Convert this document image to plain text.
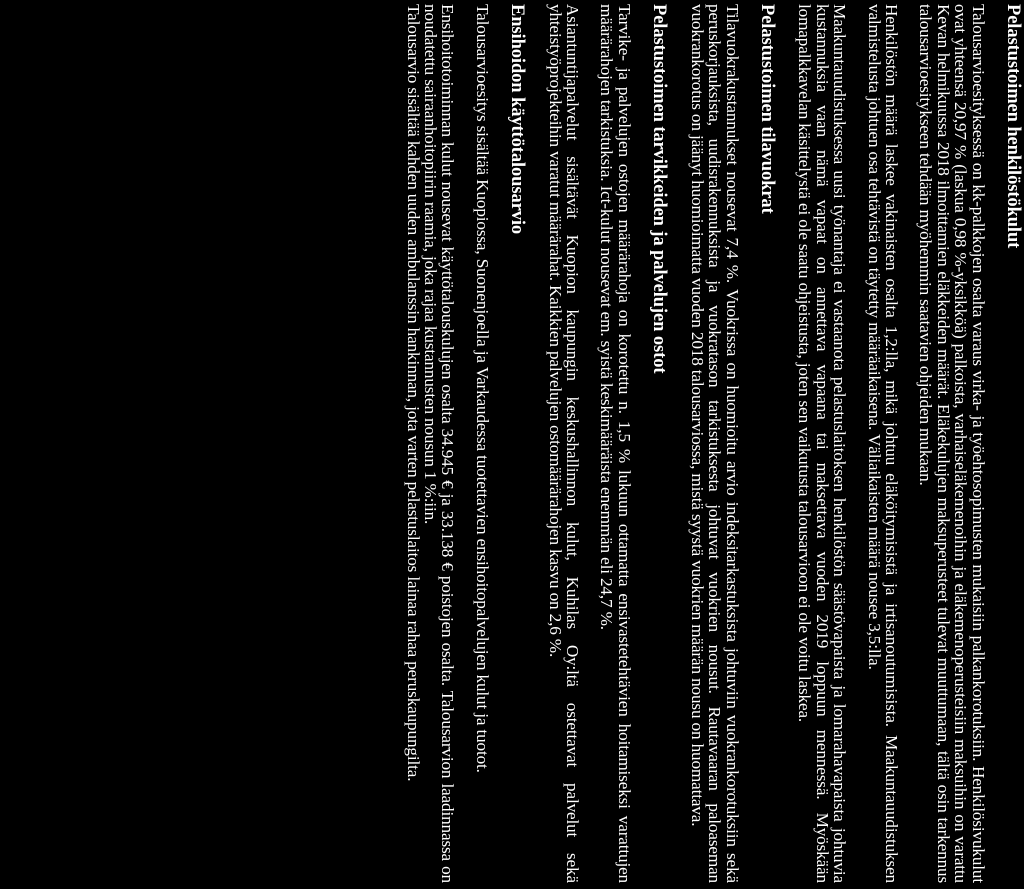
Pelastustoimen henkilöstökulut

Talousarvioesityksessä on kk-palkkojen osalta varaus virka- ja työehtosopimusten mukaisiin palkankorotuksiin. Henkilösivukulut ovat yhteensä 20,97 % (laskua 0,98 %-yksikköä) palkoista, varhaiseläkemenoihin ja eläkemenoperusteisiin maksuihin on varattu Kevan helmikuussa 2018 ilmoittamien eläkkeiden määrät. Eläkekulujen maksuperusteet tulevat muuttumaan, tältä osin tarkennus talousarvioesitykseen tehdään myöhemmin saatavien ohjeiden mukaan.

Henkilöstön määrä laskee vakinaisten osalta 1,2:lla, mikä johtuu eläköitymisistä ja irtisanoutumisista. Maakuntauudistuksen valmistelusta johtuen osa tehtävistä on täytetty määräaikaisena. Väliaikaisten määrä nousee 3,5:lla.

Maakuntauudistuksessa uusi työnantaja ei vastaanota pelastuslaitoksen henkilöstön säästövapaista ja lomarahavapaista johtuvia kustannuksia vaan nämä vapaat on annettava vapaana tai maksettava vuoden 2019 loppuun mennessä. Myöskään lomapalkkavelan käsittelystä ei ole saatu ohjeistusta, joten sen vaikutusta talousarvioon ei ole voitu laskea.

Pelastustoimen tilavuokrat

Tilavuokrakustannukset nousevat 7,4 %. Vuokrissa on huomioitu arvio indeksitarkastuksista johtuviin vuokrankorotuksiin sekä peruskorjauksista, uudisrakennuksista ja vuokratason tarkistuksesta johtuvat vuokrien nousut. Rautavaaran paloaseman vuokrankorotus on jäänyt huomioimatta vuoden 2018 talousarviossa, mistä syystä vuokrien määrän nousu on huomattava.

Pelastustoimen tarvikkeiden ja palvelujen ostot

Tarvike- ja palvelujen ostojen määrärahoja on korotettu n. 1,5 % lukuun ottamatta ensivastetehtävien hoitamiseksi varattujen määrärahojen tarkistuksia. Ict-kulut nousevat em. syistä keskimääräista enemmän eli 24,7 %.

Asiantuntijapalvelut sisältävät Kuopion kaupungin keskushallinnon kulut, Kuhilas Oy:ltä ostettavat palvelut sekä yhteistyöprojekteihin varatut määrärahat. Kaikkien palvelujen ostomäärärahojen kasvu on 2,6 %.

Ensihoidon käyttötalousarvio

Talousarvioesitys sisältää Kuopiossa, Suonenjoella ja Varkaudessa tuotettavien ensihoitopalvelujen kulut ja tuotot.

Ensihoitotoiminnan kulut nousevat käyttötalouskulujen osalta 34.945 € ja 33.138 € poistojen osalta. Talousarvion laadinnassa on noudatettu sairaanhoitopiirin raamia, joka rajaa kustannusten nousun 1 %:iin.

Talousarvio sisältää kahden uuden ambulanssin hankinnan, jota varten pelastuslaitos lainaa rahaa peruskaupungilta.
